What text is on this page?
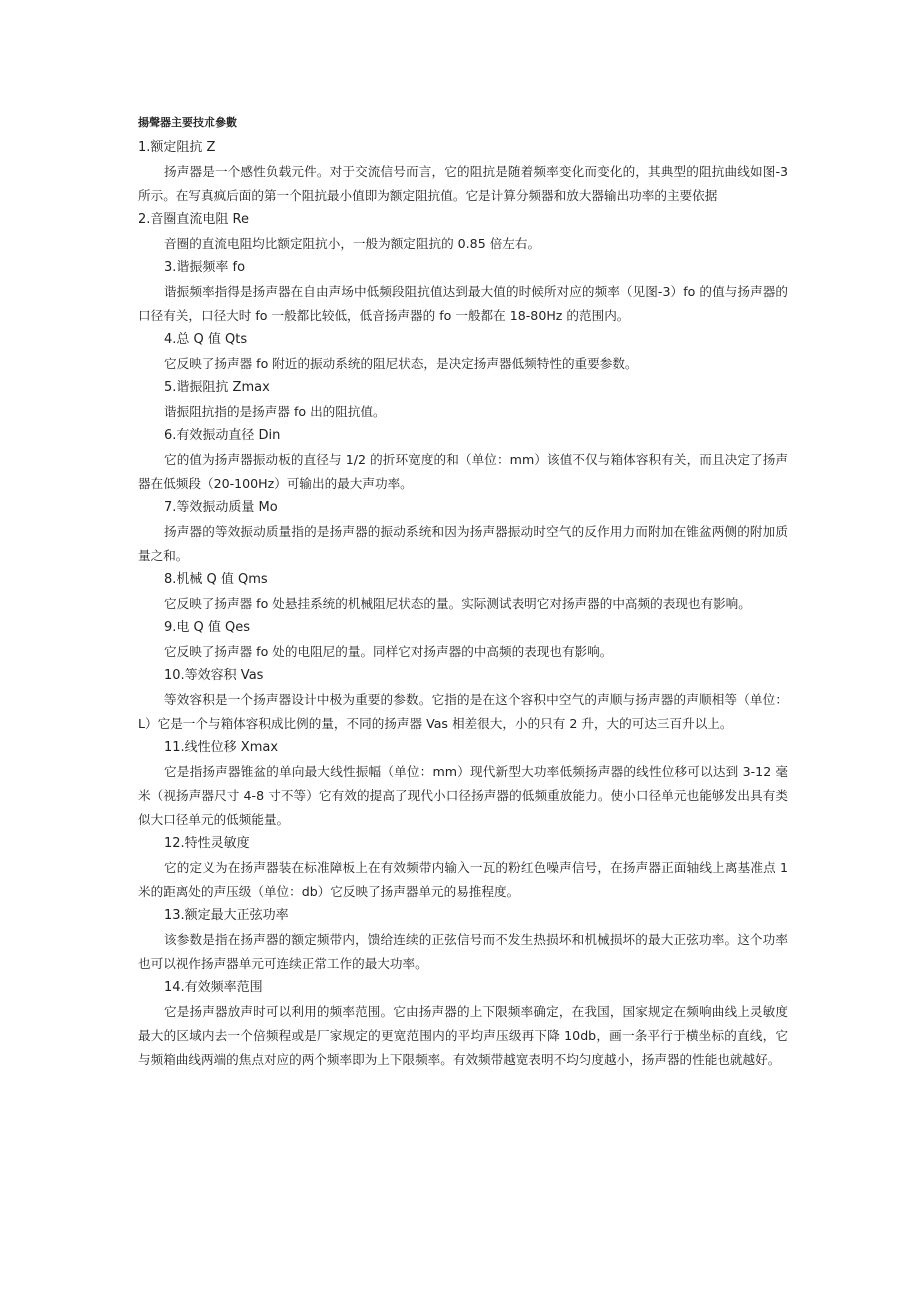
揚聲器主要技朮參數
1.额定阻抗 Z
扬声器是一个感性负载元件。对于交流信号而言，它的阻抗是随着频率变化而变化的，其典型的阻抗曲线如图-3 所示。在写真疯后面的第一个阻抗最小值即为额定阻抗值。它是计算分频器和放大器输出功率的主要依据
2.音圈直流电阻 Re
音圈的直流电阻均比额定阻抗小，一般为额定阻抗的 0.85 倍左右。
3.谐振频率 fo
谐振频率指得是扬声器在自由声场中低频段阻抗值达到最大值的时候所对应的频率（见图-3）fo 的值与扬声器的口径有关，口径大时 fo 一般都比较低，低音扬声器的 fo 一般都在 18-80Hz 的范围内。
4.总 Q 值 Qts
它反映了扬声器 fo 附近的振动系统的阻尼状态，是决定扬声器低频特性的重要参数。
5.谐振阻抗 Zmax
谐振阻抗指的是扬声器 fo 出的阻抗值。
6.有效振动直径 Din
它的值为扬声器振动板的直径与 1/2 的折环宽度的和（单位：mm）该值不仅与箱体容积有关，而且决定了扬声器在低频段（20-100Hz）可输出的最大声功率。
7.等效振动质量 Mo
扬声器的等效振动质量指的是扬声器的振动系统和因为扬声器振动时空气的反作用力而附加在锥盆两侧的附加质量之和。
8.机械 Q 值 Qms
它反映了扬声器 fo 处悬挂系统的机械阻尼状态的量。实际测试表明它对扬声器的中高频的表现也有影响。
9.电 Q 值 Qes
它反映了扬声器 fo 处的电阻尼的量。同样它对扬声器的中高频的表现也有影响。
10.等效容积 Vas
等效容积是一个扬声器设计中极为重要的参数。它指的是在这个容积中空气的声顺与扬声器的声顺相等（单位：L）它是一个与箱体容积成比例的量，不同的扬声器 Vas 相差很大，小的只有 2 升，大的可达三百升以上。
11.线性位移 Xmax
它是指扬声器锥盆的单向最大线性振幅（单位：mm）现代新型大功率低频扬声器的线性位移可以达到 3-12 毫米（视扬声器尺寸 4-8 寸不等）它有效的提高了现代小口径扬声器的低频重放能力。使小口径单元也能够发出具有类似大口径单元的低频能量。
12.特性灵敏度
它的定义为在扬声器装在标准障板上在有效频带内输入一瓦的粉红色噪声信号，在扬声器正面轴线上离基准点 1 米的距离处的声压级（单位：db）它反映了扬声器单元的易推程度。
13.额定最大正弦功率
该参数是指在扬声器的额定频带内，馈给连续的正弦信号而不发生热损坏和机械损坏的最大正弦功率。这个功率也可以视作扬声器单元可连续正常工作的最大功率。
14.有效频率范围
它是扬声器放声时可以利用的频率范围。它由扬声器的上下限频率确定，在我国，国家规定在频响曲线上灵敏度最大的区域内去一个倍频程或是厂家规定的更宽范围内的平均声压级再下降 10db，画一条平行于横坐标的直线，它与频箱曲线两端的焦点对应的两个频率即为上下限频率。有效频带越宽表明不均匀度越小，扬声器的性能也就越好。
